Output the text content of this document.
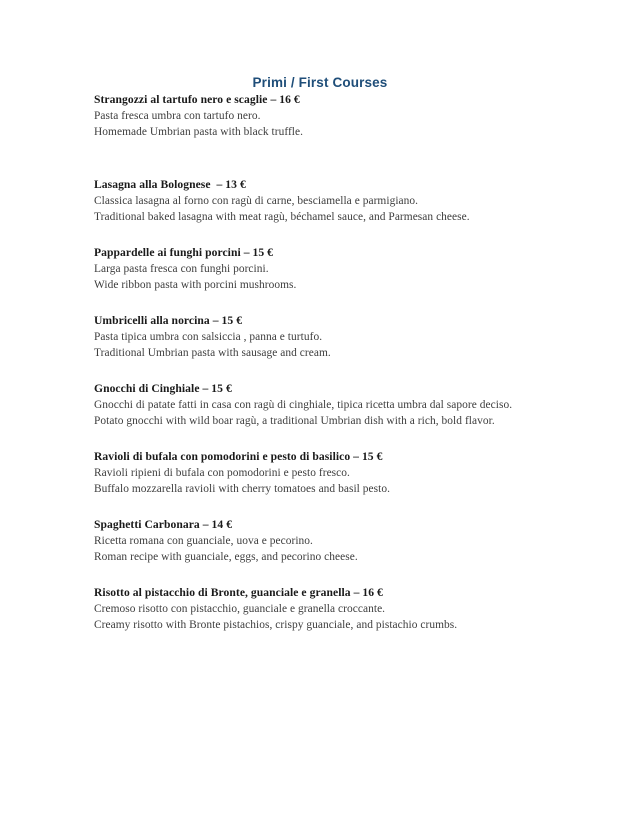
Primi / First Courses
Strangozzi al tartufo nero e scaglie – 16 €
Pasta fresca umbra con tartufo nero.
Homemade Umbrian pasta with black truffle.
Lasagna alla Bolognese  – 13 €
Classica lasagna al forno con ragù di carne, besciamella e parmigiano.
Traditional baked lasagna with meat ragù, béchamel sauce, and Parmesan cheese.
Pappardelle ai funghi porcini – 15 €
Larga pasta fresca con funghi porcini.
Wide ribbon pasta with porcini mushrooms.
Umbricelli alla norcina – 15 €
Pasta tipica umbra con salsiccia , panna e turtufo.
Traditional Umbrian pasta with sausage and cream.
Gnocchi di Cinghiale – 15 €
Gnocchi di patate fatti in casa con ragù di cinghiale, tipica ricetta umbra dal sapore deciso.
Potato gnocchi with wild boar ragù, a traditional Umbrian dish with a rich, bold flavor.
Ravioli di bufala con pomodorini e pesto di basilico – 15 €
Ravioli ripieni di bufala con pomodorini e pesto fresco.
Buffalo mozzarella ravioli with cherry tomatoes and basil pesto.
Spaghetti Carbonara – 14 €
Ricetta romana con guanciale, uova e pecorino.
Roman recipe with guanciale, eggs, and pecorino cheese.
Risotto al pistacchio di Bronte, guanciale e granella – 16 €
Cremoso risotto con pistacchio, guanciale e granella croccante.
Creamy risotto with Bronte pistachios, crispy guanciale, and pistachio crumbs.
